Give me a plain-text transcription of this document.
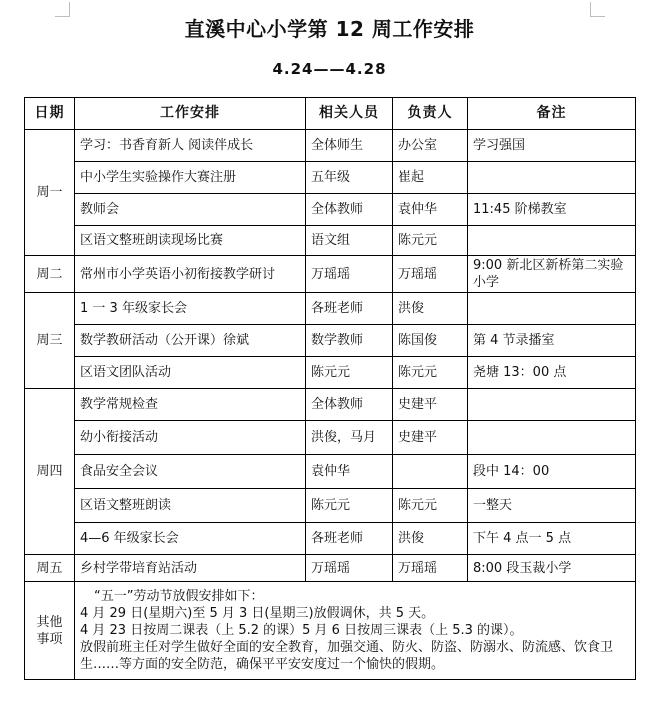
直溪中心小学第 12 周工作安排
4.24——4.28
日期	工作安排	相关人员	负责人	备注
周一	学习：书香育新人 阅读伴成长	全体师生	办公室	学习强国
	中小学生实验操作大赛注册	五年级	崔起	
	教师会	全体教师	袁仲华	11:45 阶梯教室
	区语文整班朗读现场比赛	语文组	陈元元	
周二	常州市小学英语小初衔接教学研讨	万瑶瑶	万瑶瑶	9:00 新北区新桥第二实验小学
周三	1 一 3 年级家长会	各班老师	洪俊	
	数学教研活动（公开课）徐斌	数学教师	陈国俊	第 4 节录播室
	区语文团队活动	陈元元	陈元元	尧塘 13：00 点
周四	教学常规检查	全体教师	史建平	
	幼小衔接活动	洪俊，马月	史建平	
	食品安全会议	袁仲华		段中 14：00
	区语文整班朗读	陈元元	陈元元	一整天
	4—6 年级家长会	各班老师	洪俊	下午 4 点一 5 点
周五	乡村学带培育站活动	万瑶瑶	万瑶瑶	8:00 段玉裁小学
其他
事项	“五一”劳动节放假安排如下：
4 月 29 日(星期六)至 5 月 3 日(星期三)放假调休，共 5 天。
4 月 23 日按周二课表（上 5.2 的课）5 月 6 日按周三课表（上 5.3 的课）。
放假前班主任对学生做好全面的安全教育，加强交通、防火、防盗、防溺水、防流感、饮食卫生……等方面的安全防范，确保平平安安度过一个愉快的假期。			
